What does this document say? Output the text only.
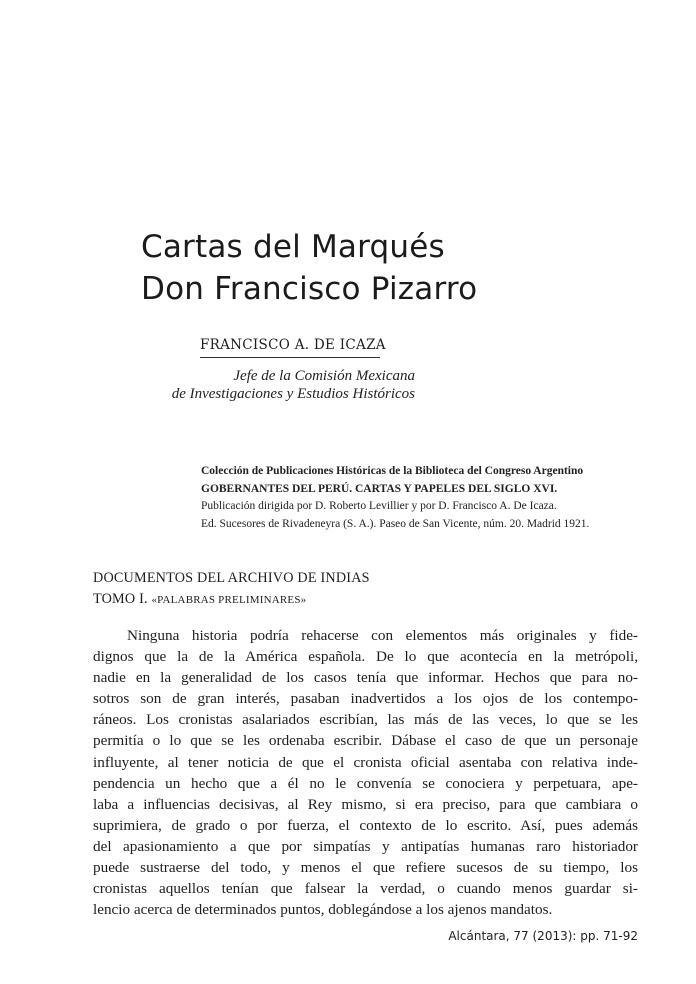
Cartas del Marqués
Don Francisco Pizarro
FRANCISCO A. DE ICAZA
Jefe de la Comisión Mexicana
de Investigaciones y Estudios Históricos
Colección de Publicaciones Históricas de la Biblioteca del Congreso Argentino
GOBERNANTES DEL PERÚ. CARTAS Y PAPELES DEL SIGLO XVI.
Publicación dirigida por D. Roberto Levillier y por D. Francisco A. De Icaza.
Ed. Sucesores de Rivadeneyra (S. A.). Paseo de San Vicente, núm. 20. Madrid 1921.
DOCUMENTOS DEL ARCHIVO DE INDIAS
TOMO I. «PALABRAS PRELIMINARES»
Ninguna historia podría rehacerse con elementos más originales y fide-
dignos que la de la América española. De lo que acontecía en la metrópoli,
nadie en la generalidad de los casos tenía que informar. Hechos que para no-
sotros son de gran interés, pasaban inadvertidos a los ojos de los contempo-
ráneos. Los cronistas asalariados escribían, las más de las veces, lo que se les
permitía o lo que se les ordenaba escribir. Dábase el caso de que un personaje
influyente, al tener noticia de que el cronista oficial asentaba con relativa inde-
pendencia un hecho que a él no le convenía se conociera y perpetuara, ape-
laba a influencias decisivas, al Rey mismo, si era preciso, para que cambiara o
suprimiera, de grado o por fuerza, el contexto de lo escrito. Así, pues además
del apasionamiento a que por simpatías y antipatías humanas raro historiador
puede sustraerse del todo, y menos el que refiere sucesos de su tiempo, los
cronistas aquellos tenían que falsear la verdad, o cuando menos guardar si-
lencio acerca de determinados puntos, doblegándose a los ajenos mandatos.
Alcántara, 77 (2013): pp. 71-92
